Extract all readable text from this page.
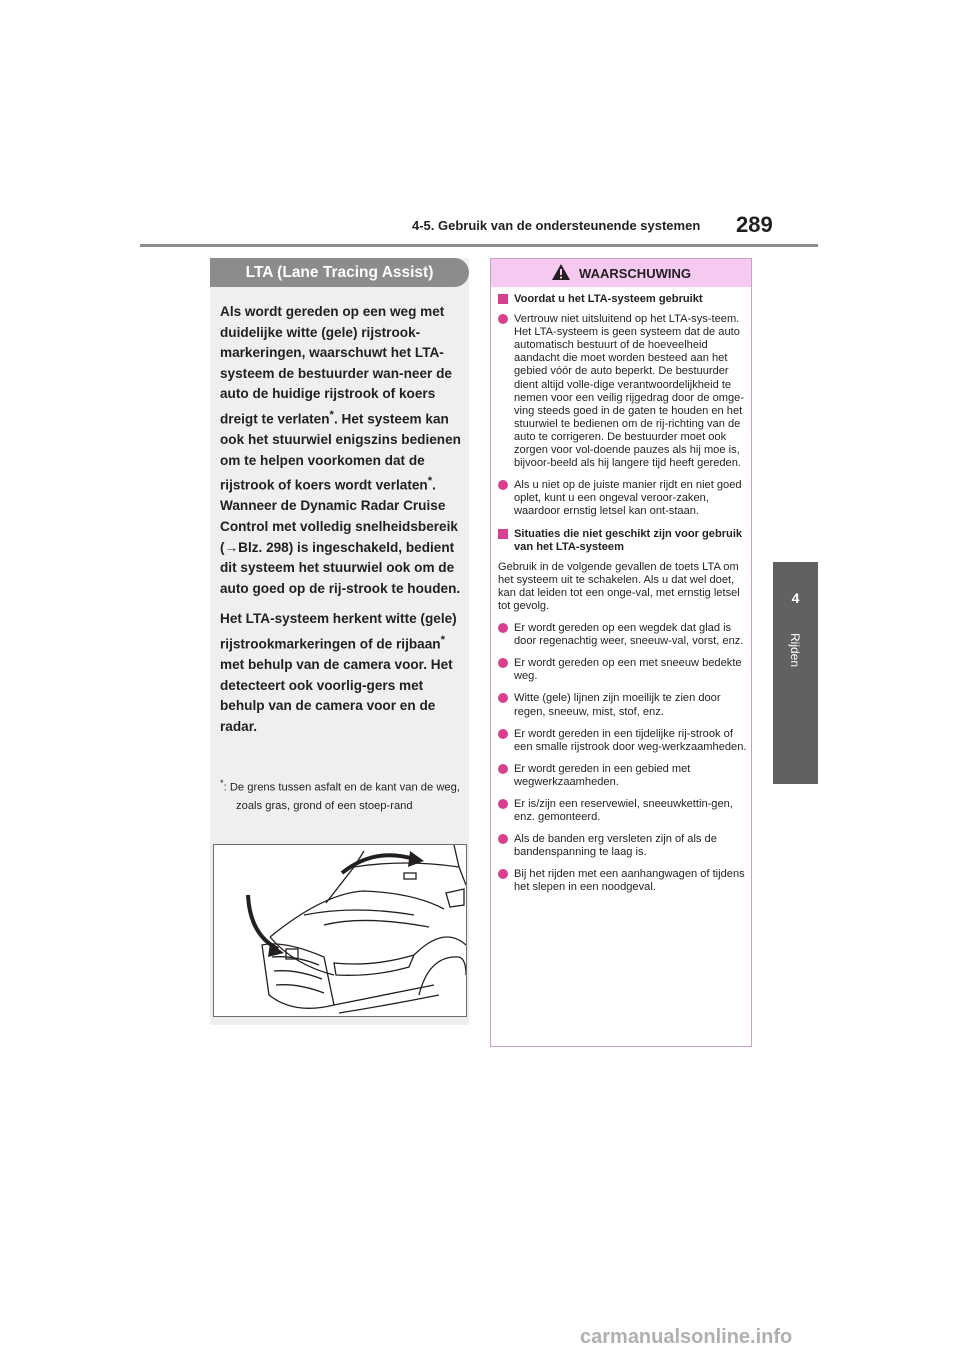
4-5. Gebruik van de ondersteunende systemen 289
4
Rijden
LTA (Lane Tracing Assist)

Als wordt gereden op een weg met duidelijke witte (gele) rijstrook-markeringen, waarschuwt het LTA-systeem de bestuurder wan-neer de auto de huidige rijstrook of koers dreigt te verlaten*. Het systeem kan ook het stuurwiel enigszins bedienen om te helpen voorkomen dat de rijstrook of koers wordt verlaten*. Wanneer de Dynamic Radar Cruise Control met volledig snelheidsbereik (→Blz. 298) is ingeschakeld, bedient dit systeem het stuurwiel ook om de auto goed op de rij-strook te houden.

Het LTA-systeem herkent witte (gele) rijstrookmarkeringen of de rijbaan* met behulp van de camera voor. Het detecteert ook voorlig-gers met behulp van de camera voor en de radar.

*: De grens tussen asfalt en de kant van de weg, zoals gras, grond of een stoep-rand
WAARSCHUWING
Voordat u het LTA-systeem gebruikt
Vertrouw niet uitsluitend op het LTA-sys-teem. Het LTA-systeem is geen systeem dat de auto automatisch bestuurt of de hoeveelheid aandacht die moet worden besteed aan het gebied vóór de auto beperkt. De bestuurder dient altijd volle-dige verantwoordelijkheid te nemen voor een veilig rijgedrag door de omge-ving steeds goed in de gaten te houden en het stuurwiel te bedienen om de rij-richting van de auto te corrigeren. De bestuurder moet ook zorgen voor vol-doende pauzes als hij moe is, bijvoor-beeld als hij langere tijd heeft gereden.
Als u niet op de juiste manier rijdt en niet goed oplet, kunt u een ongeval veroor-zaken, waardoor ernstig letsel kan ont-staan.
Situaties die niet geschikt zijn voor gebruik van het LTA-systeem
Gebruik in de volgende gevallen de toets LTA om het systeem uit te schakelen. Als u dat wel doet, kan dat leiden tot een onge-val, met ernstig letsel tot gevolg.
Er wordt gereden op een wegdek dat glad is door regenachtig weer, sneeuw-val, vorst, enz.
Er wordt gereden op een met sneeuw bedekte weg.
Witte (gele) lijnen zijn moeilijk te zien door regen, sneeuw, mist, stof, enz.
Er wordt gereden in een tijdelijke rij-strook of een smalle rijstrook door weg-werkzaamheden.
Er wordt gereden in een gebied met wegwerkzaamheden.
Er is/zijn een reservewiel, sneeuwkettin-gen, enz. gemonteerd.
Als de banden erg versleten zijn of als de bandenspanning te laag is.
Bij het rijden met een aanhangwagen of tijdens het slepen in een noodgeval.
carmanualsonline.info
